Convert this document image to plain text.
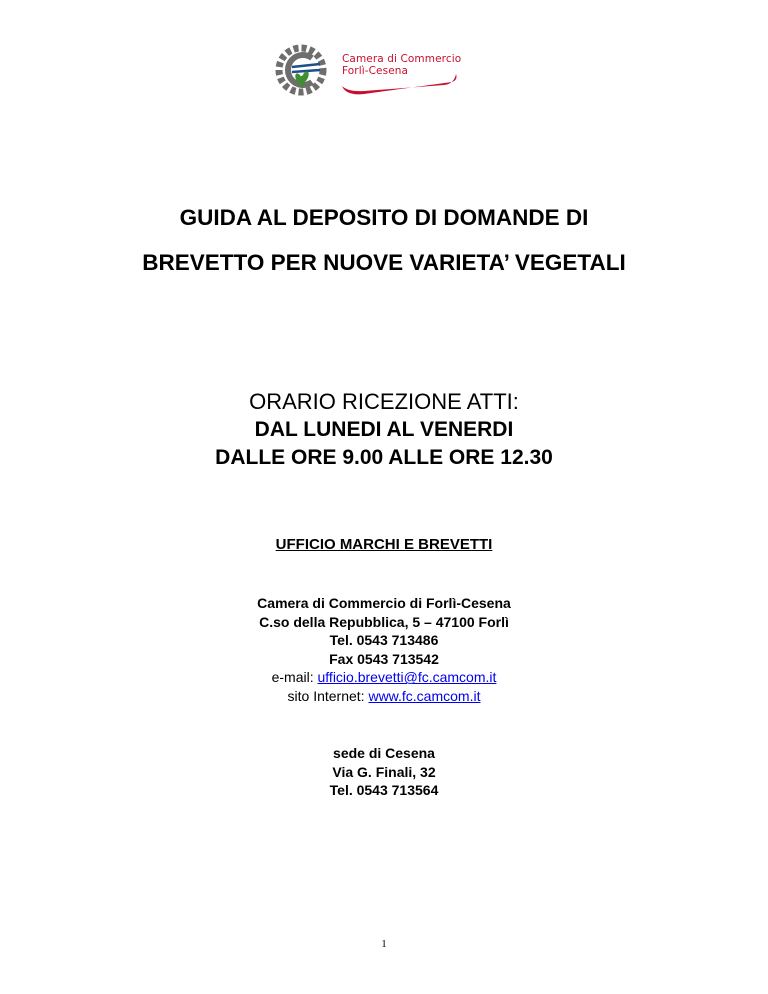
Camera di Commercio
Forlì-Cesena
GUIDA AL DEPOSITO DI DOMANDE DI
BREVETTO PER NUOVE VARIETA’ VEGETALI
ORARIO RICEZIONE ATTI:
DAL LUNEDI AL VENERDI
DALLE ORE 9.00 ALLE ORE 12.30
UFFICIO MARCHI E BREVETTI
Camera di Commercio di Forlì-Cesena
C.so della Repubblica, 5 – 47100 Forlì
Tel. 0543 713486
Fax 0543 713542
e-mail: ufficio.brevetti@fc.camcom.it
sito Internet: www.fc.camcom.it
sede di Cesena
Via G. Finali, 32
Tel. 0543 713564
1
